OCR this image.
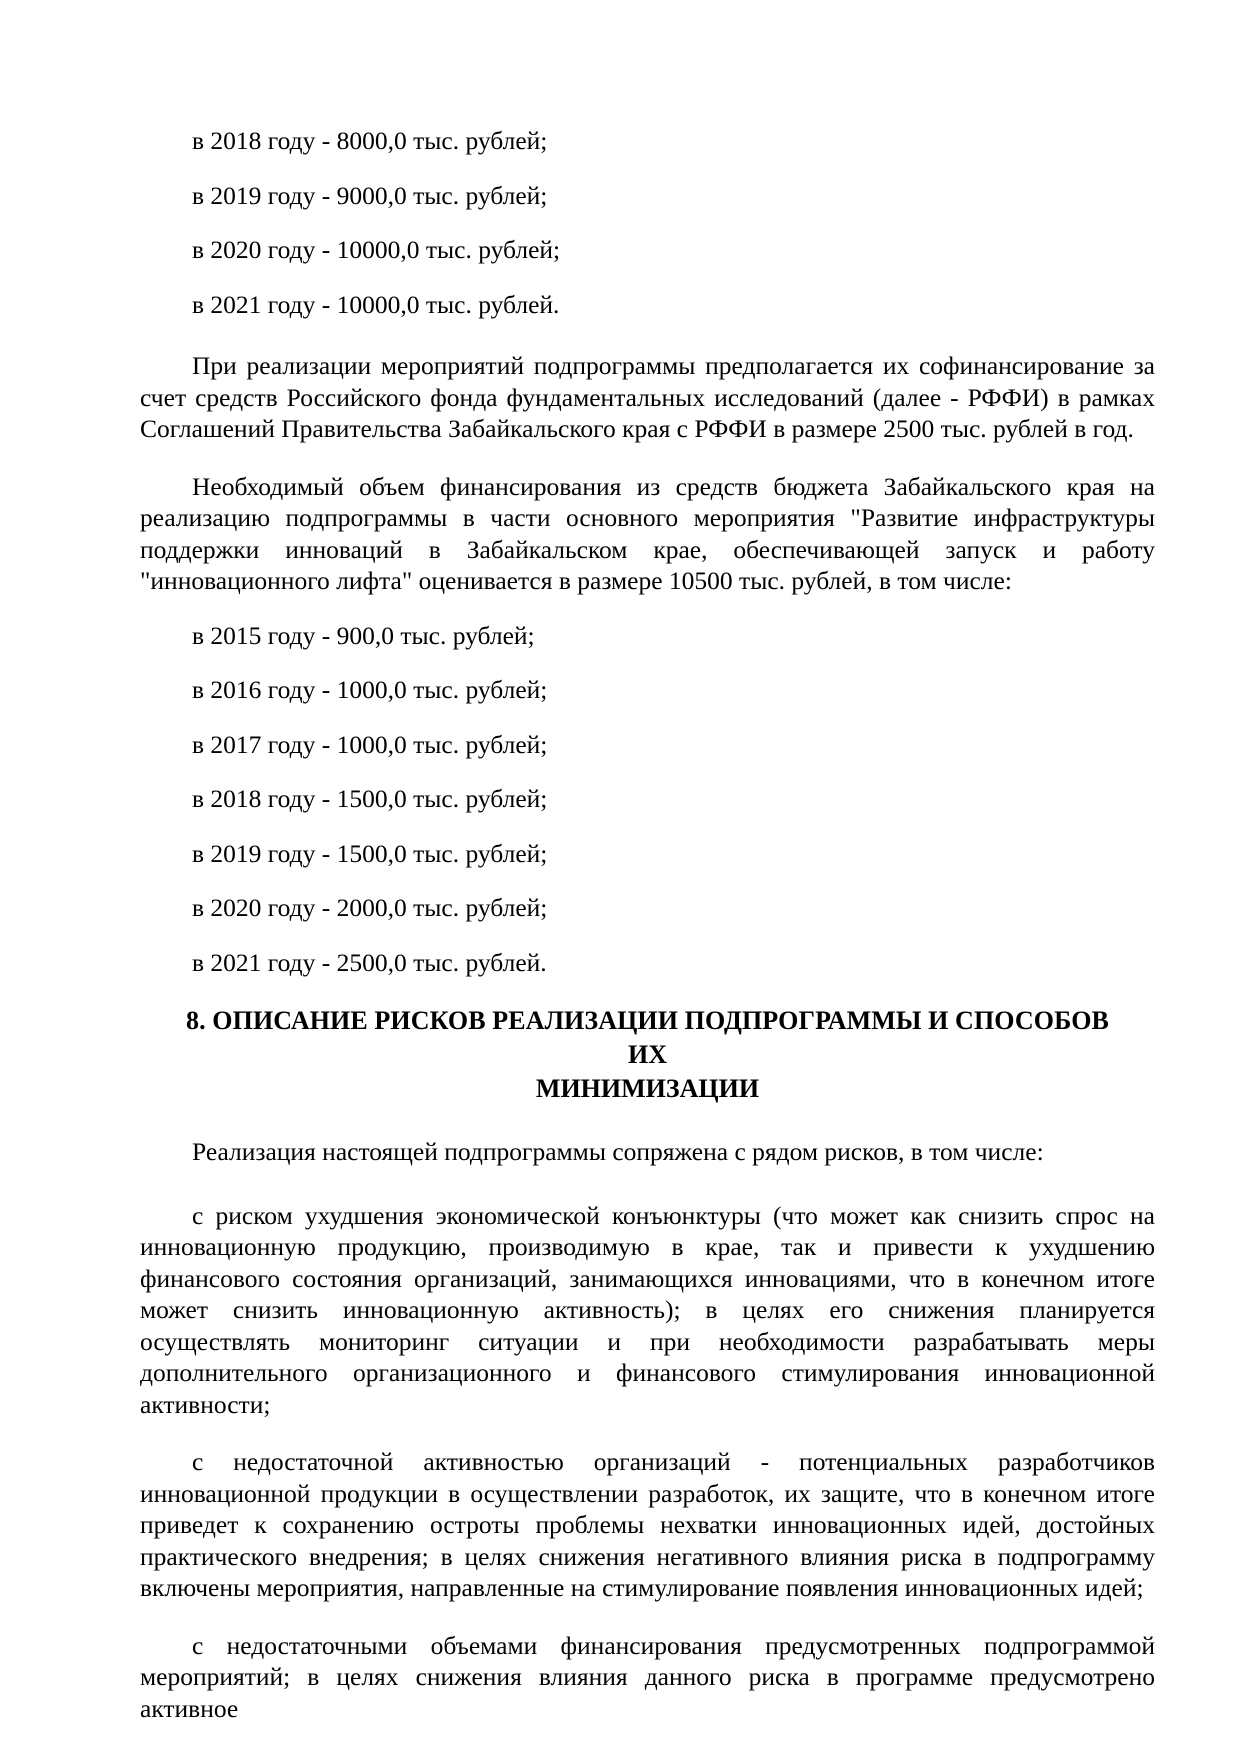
в 2018 году - 8000,0 тыс. рублей;

в 2019 году - 9000,0 тыс. рублей;

в 2020 году - 10000,0 тыс. рублей;

в 2021 году - 10000,0 тыс. рублей.

При реализации мероприятий подпрограммы предполагается их софинансирование за счет средств Российского фонда фундаментальных исследований (далее - РФФИ) в рамках Соглашений Правительства Забайкальского края с РФФИ в размере 2500 тыс. рублей в год.

Необходимый объем финансирования из средств бюджета Забайкальского края на реализацию подпрограммы в части основного мероприятия "Развитие инфраструктуры поддержки инноваций в Забайкальском крае, обеспечивающей запуск и работу "инновационного лифта" оценивается в размере 10500 тыс. рублей, в том числе:

в 2015 году - 900,0 тыс. рублей;

в 2016 году - 1000,0 тыс. рублей;

в 2017 году - 1000,0 тыс. рублей;

в 2018 году - 1500,0 тыс. рублей;

в 2019 году - 1500,0 тыс. рублей;

в 2020 году - 2000,0 тыс. рублей;

в 2021 году - 2500,0 тыс. рублей.

8. ОПИСАНИЕ РИСКОВ РЕАЛИЗАЦИИ ПОДПРОГРАММЫ И СПОСОБОВ
ИХ
МИНИМИЗАЦИИ

Реализация настоящей подпрограммы сопряжена с рядом рисков, в том числе:

с риском ухудшения экономической конъюнктуры (что может как снизить спрос на инновационную продукцию, производимую в крае, так и привести к ухудшению финансового состояния организаций, занимающихся инновациями, что в конечном итоге может снизить инновационную активность); в целях его снижения планируется осуществлять мониторинг ситуации и при необходимости разрабатывать меры дополнительного организационного и финансового стимулирования инновационной активности;

с недостаточной активностью организаций - потенциальных разработчиков инновационной продукции в осуществлении разработок, их защите, что в конечном итоге приведет к сохранению остроты проблемы нехватки инновационных идей, достойных практического внедрения; в целях снижения негативного влияния риска в подпрограмму включены мероприятия, направленные на стимулирование появления инновационных идей;

с недостаточными объемами финансирования предусмотренных подпрограммой мероприятий; в целях снижения влияния данного риска в программе предусмотрено активное
